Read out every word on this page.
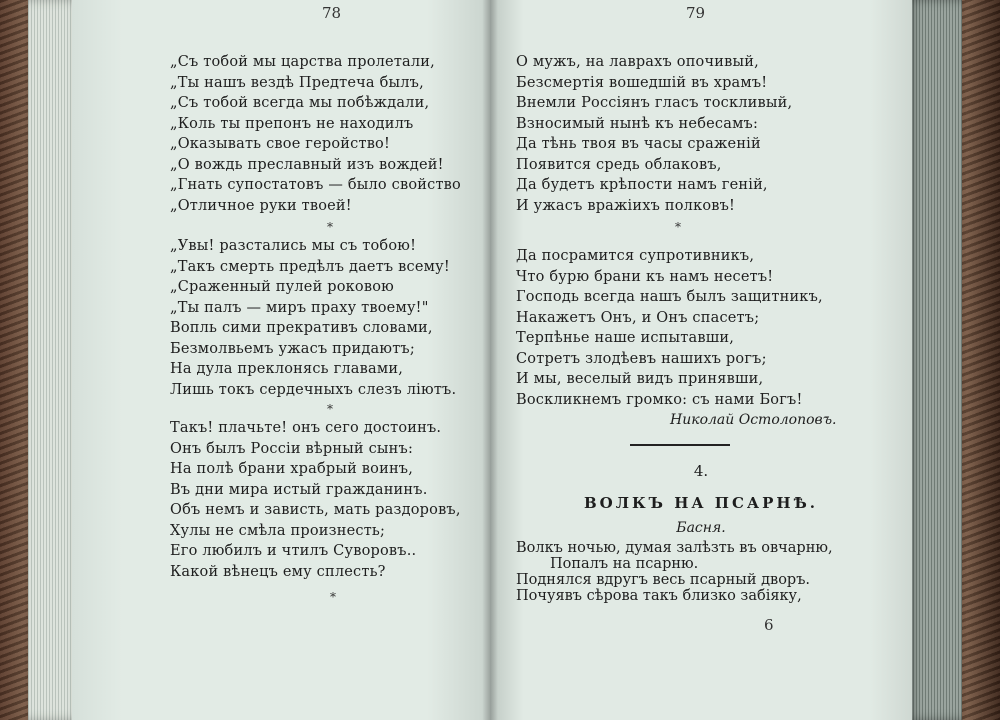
78
„Съ тобой мы царства пролетали,
„Ты нашъ вездѣ Предтеча былъ,
„Съ тобой всегда мы побѣждали,
„Коль ты препонъ не находилъ
„Оказывать свое геройство!
„О вождь преславный изъ вождей!
„Гнать супостатовъ — было свойство
„Отличное руки твоей!
*
„Увы! разстались мы съ тобою!
„Такъ смерть предѣлъ даетъ всему!
„Сраженный пулей роковою
„Ты палъ — миръ праху твоему!"
Вопль сими прекративъ словами,
Безмолвьемъ ужасъ придаютъ;
На дула преклонясь главами,
Лишь токъ сердечныхъ слезъ ліютъ.
*
Такъ! плачьте! онъ сего достоинъ.
Онъ былъ Россіи вѣрный сынъ:
На полѣ брани храбрый воинъ,
Въ дни мира истый гражданинъ.
Объ немъ и зависть, мать раздоровъ,
Хулы не смѣла произнесть;
Его любилъ и чтилъ Суворовъ..
Какой вѣнецъ ему сплесть?
*
79
О мужъ, на лаврахъ опочивый,
Безсмертія вошедшій въ храмъ!
Внемли Россіянъ гласъ тоскливый,
Взносимый нынѣ къ небесамъ:
Да тѣнь твоя въ часы сраженій
Появится средь облаковъ,
Да будетъ крѣпости намъ геній,
И ужасъ вражіихъ полковъ!
*
Да посрамится супротивникъ,
Что бурю брани къ намъ несетъ!
Господь всегда нашъ былъ защитникъ,
Накажетъ Онъ, и Онъ спасетъ;
Терпѣнье наше испытавши,
Сотретъ злодѣевъ нашихъ рогъ;
И мы, веселый видъ принявши,
Воскликнемъ громко: съ нами Богъ!
Николай Остолоповъ.
4.
ВОЛКЪ НА ПСАРНѢ.
Басня.
Волкъ ночью, думая залѣзть въ овчарню,
Попалъ на псарню.
Поднялся вдругъ весь псарный дворъ.
Почуявъ сѣрова такъ близко забіяку,
6
